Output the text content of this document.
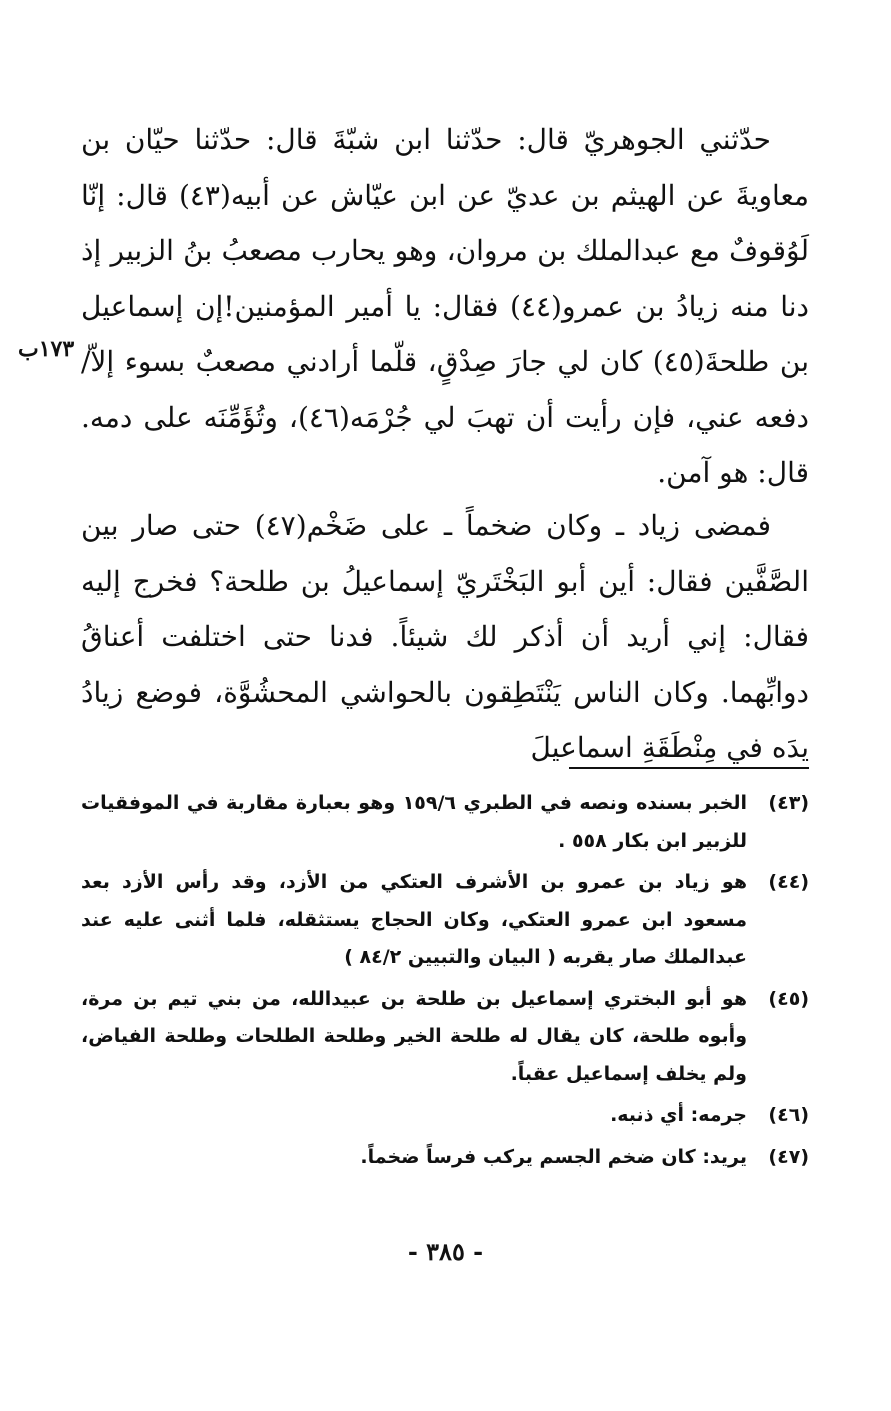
١٧٣ب

حدّثني الجوهريّ قال: حدّثنا ابن شبّةَ قال: حدّثنا حيّان بن معاويةَ عن الهيثم بن عديّ عن ابن عيّاش عن أبيه(٤٣) قال: إنّا لَوُقوفٌ مع عبدالملك بن مروان، وهو يحارب مصعبُ بنُ الزبير إذ دنا منه زيادُ بن عمرو(٤٤) فقال: يا أمير المؤمنين!إن إسماعيل بن طلحةَ(٤٥) كان لي جارَ صِدْقٍ، قلّما أرادني مصعبٌ بسوء إلاّ/ دفعه عني، فإن رأيت أن تهبَ لي جُرْمَه(٤٦)، وتُؤَمِّنَه على دمه. قال: هو آمن.

فمضى زياد ـ وكان ضخماً ـ على ضَخْم(٤٧) حتى صار بين الصَّفَّين فقال: أين أبو البَخْتَريّ إسماعيلُ بن طلحة؟ فخرج إليه فقال: إني أريد أن أذكر لك شيئاً. فدنا حتى اختلفت أعناقُ دوابِّهما. وكان الناس يَنْتَطِقون بالحواشي المحشُوَّة، فوضع زيادُ يدَه في مِنْطَقَةِ اسماعيلَ

(٤٣)
الخبر بسنده ونصه في الطبري ١٥٩/٦ وهو بعبارة مقاربة في الموفقيات للزبير ابن بكار ٥٥٨ .
(٤٤)
هو زياد بن عمرو بن الأشرف العتكي من الأزد، وقد رأس الأزد بعد مسعود ابن عمرو العتكي، وكان الحجاج يستثقله، فلما أثنى عليه عند عبدالملك صار يقربه ( البيان والتبيين ٨٤/٢ )
(٤٥)
هو أبو البختري إسماعيل بن طلحة بن عبيدالله، من بني تيم بن مرة، وأبوه طلحة، كان يقال له طلحة الخير وطلحة الطلحات وطلحة الفياض، ولم يخلف إسماعيل عقباً.
(٤٦)
جرمه: أي ذنبه.
(٤٧)
يريد: كان ضخم الجسم يركب فرساً ضخماً.
- ٣٨٥ -
